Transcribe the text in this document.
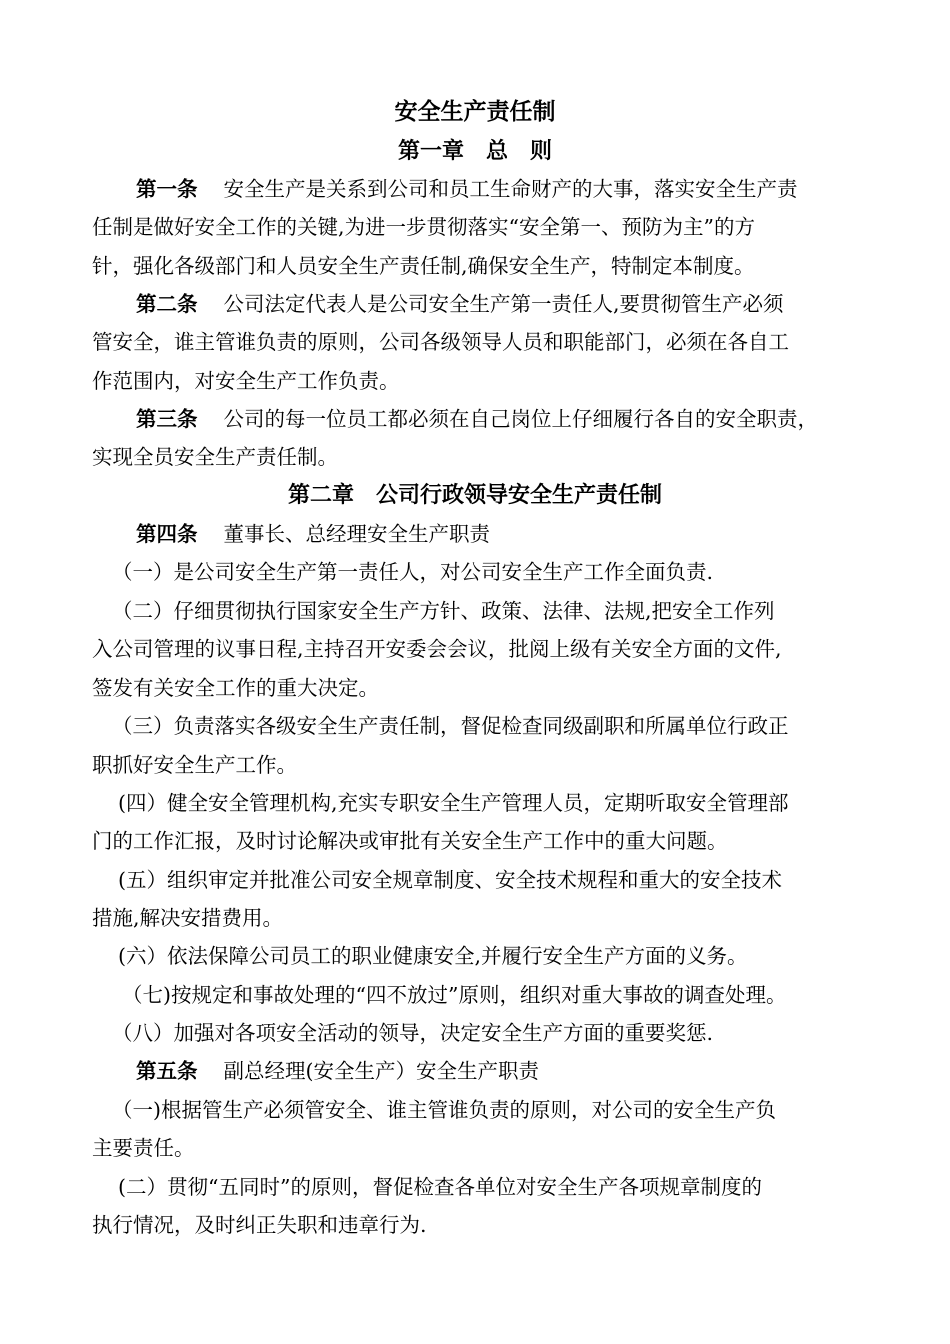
安全生产责任制
第一章　总　则
第一条 安全生产是关系到公司和员工生命财产的大事，落实安全生产责
任制是做好安全工作的关键,为进一步贯彻落实“安全第一、预防为主”的方
针，强化各级部门和人员安全生产责任制,确保安全生产，特制定本制度。
第二条 公司法定代表人是公司安全生产第一责任人,要贯彻管生产必须
管安全，谁主管谁负责的原则，公司各级领导人员和职能部门，必须在各自工
作范围内，对安全生产工作负责。
第三条 公司的每一位员工都必须在自己岗位上仔细履行各自的安全职责，
实现全员安全生产责任制。
第二章　公司行政领导安全生产责任制
第四条 董事长、总经理安全生产职责
（一）是公司安全生产第一责任人，对公司安全生产工作全面负责.
（二）仔细贯彻执行国家安全生产方针、政策、法律、法规,把安全工作列
入公司管理的议事日程,主持召开安委会会议，批阅上级有关安全方面的文件,
签发有关安全工作的重大决定。
（三）负责落实各级安全生产责任制，督促检查同级副职和所属单位行政正
职抓好安全生产工作。
(四）健全安全管理机构,充实专职安全生产管理人员，定期听取安全管理部
门的工作汇报，及时讨论解决或审批有关安全生产工作中的重大问题。
(五）组织审定并批准公司安全规章制度、安全技术规程和重大的安全技术
措施,解决安措费用。
(六）依法保障公司员工的职业健康安全,并履行安全生产方面的义务。
（七)按规定和事故处理的“四不放过”原则，组织对重大事故的调查处理。
（八）加强对各项安全活动的领导，决定安全生产方面的重要奖惩.
第五条 副总经理(安全生产）安全生产职责
（一)根据管生产必须管安全、谁主管谁负责的原则，对公司的安全生产负
主要责任。
(二）贯彻“五同时”的原则，督促检查各单位对安全生产各项规章制度的
执行情况，及时纠正失职和违章行为.
